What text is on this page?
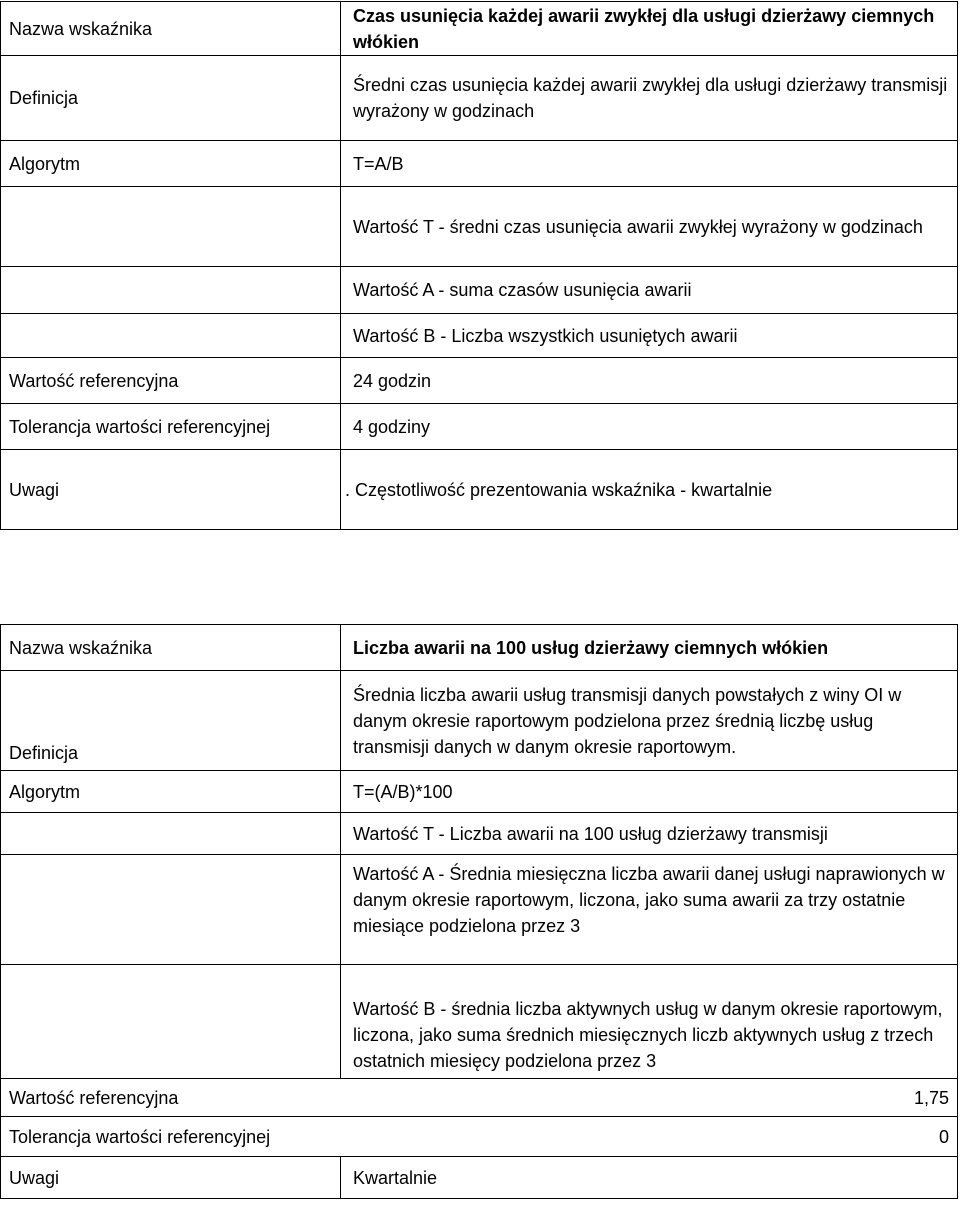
Nazwa wskaźnika	Czas usunięcia każdej awarii zwykłej dla usługi dzierżawy ciemnych włókien
Definicja	Średni czas usunięcia każdej awarii zwykłej dla usługi dzierżawy transmisji wyrażony w godzinach
Algorytm	T=A/B
	Wartość T - średni czas usunięcia awarii zwykłej wyrażony w godzinach
	Wartość A - suma czasów usunięcia awarii
	Wartość B - Liczba wszystkich usuniętych awarii
Wartość referencyjna	24 godzin
Tolerancja wartości referencyjnej	4 godziny
Uwagi	. Częstotliwość prezentowania wskaźnika - kwartalnie
Nazwa wskaźnika	Liczba awarii na 100 usług dzierżawy ciemnych włókien
Definicja	Średnia liczba awarii usług transmisji danych powstałych z winy OI w danym okresie raportowym podzielona przez średnią liczbę usług transmisji danych w danym okresie raportowym.
Algorytm	T=(A/B)*100
	Wartość T - Liczba awarii na 100 usług dzierżawy transmisji
	Wartość A - Średnia miesięczna liczba awarii danej usługi naprawionych w danym okresie raportowym, liczona, jako suma awarii za trzy ostatnie miesiące podzielona przez 3
	Wartość B - średnia liczba aktywnych usług w danym okresie raportowym, liczona, jako suma średnich miesięcznych liczb aktywnych usług z trzech ostatnich miesięcy podzielona przez 3
Wartość referencyjna 1,75	

Tolerancja wartości referencyjnej 0	

Uwagi	Kwartalnie
